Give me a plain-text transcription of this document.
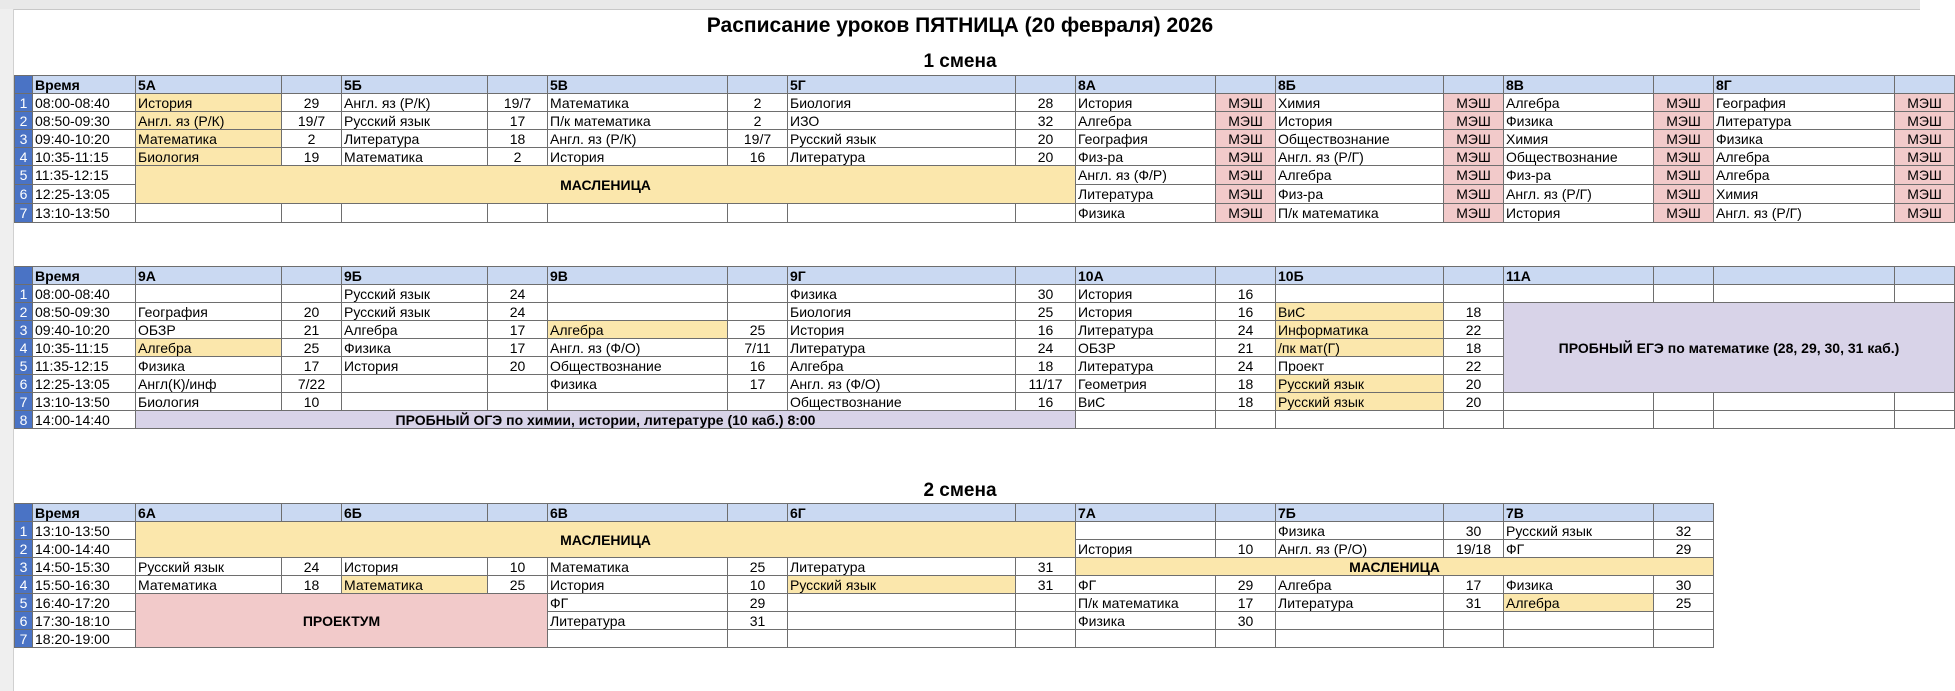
Расписание уроков ПЯТНИЦА (20 февраля) 2026
1 смена
2 смена
	Время	5А		5Б		5В		5Г		8А		8Б		8В		8Г	
1	08:00-08:40	История	29	Англ. яз (Р/К)	19/7	Математика	2	Биология	28	История	МЭШ	Химия	МЭШ	Алгебра	МЭШ	География	МЭШ
2	08:50-09:30	Англ. яз (Р/К)	19/7	Русский язык	17	П/к математика	2	ИЗО	32	Алгебра	МЭШ	История	МЭШ	Физика	МЭШ	Литература	МЭШ
3	09:40-10:20	Математика	2	Литература	18	Англ. яз (Р/К)	19/7	Русский язык	20	География	МЭШ	Обществознание	МЭШ	Химия	МЭШ	Физика	МЭШ
4	10:35-11:15	Биология	19	Математика	2	История	16	Литература	20	Физ-ра	МЭШ	Англ. яз (Р/Г)	МЭШ	Обществознание	МЭШ	Алгебра	МЭШ
5	11:35-12:15	МАСЛЕНИЦА								Англ. яз (Ф/Р)	МЭШ	Алгебра	МЭШ	Физ-ра	МЭШ	Алгебра	МЭШ
6	12:25-13:05									Литература	МЭШ	Физ-ра	МЭШ	Англ. яз (Р/Г)	МЭШ	Химия	МЭШ
7	13:10-13:50									Физика	МЭШ	П/к математика	МЭШ	История	МЭШ	Англ. яз (Р/Г)	МЭШ
	Время	9А		9Б		9В		9Г		10А		10Б		11А			
1	08:00-08:40			Русский язык	24			Физика	30	История	16						
2	08:50-09:30	География	20	Русский язык	24			Биология	25	История	16	ВиС	18	ПРОБНЫЙ ЕГЭ по математике (28, 29, 30, 31 каб.)			
3	09:40-10:20	ОБЗР	21	Алгебра	17	Алгебра	25	История	16	Литература	24	Информатика	22				
4	10:35-11:15	Алгебра	25	Физика	17	Англ. яз (Ф/О)	7/11	Литература	24	ОБЗР	21	/пк мат(Г)	18				
5	11:35-12:15	Физика	17	История	20	Обществознание	16	Алгебра	18	Литература	24	Проект	22				
6	12:25-13:05	Англ(К)/инф	7/22			Физика	17	Англ. яз (Ф/О)	11/17	Геометрия	18	Русский язык	20				
7	13:10-13:50	Биология	10					Обществознание	16	ВиС	18	Русский язык	20				
8	14:00-14:40	ПРОБНЫЙ ОГЭ по химии, истории, литературе (10 каб.) 8:00															
	Время	6А		6Б		6В		6Г		7А		7Б		7В	
1	13:10-13:50	МАСЛЕНИЦА										Физика	30	Русский язык	32
2	14:00-14:40									История	10	Англ. яз (Р/О)	19/18	ФГ	29
3	14:50-15:30	Русский язык	24	История	10	Математика	25	Литература	31	МАСЛЕНИЦА					
4	15:50-16:30	Математика	18	Математика	25	История	10	Русский язык	31	ФГ	29	Алгебра	17	Физика	30
5	16:40-17:20	ПРОЕКТУМ				ФГ	29			П/к математика	17	Литература	31	Алгебра	25
6	17:30-18:10					Литература	31			Физика	30				
7	18:20-19:00														
